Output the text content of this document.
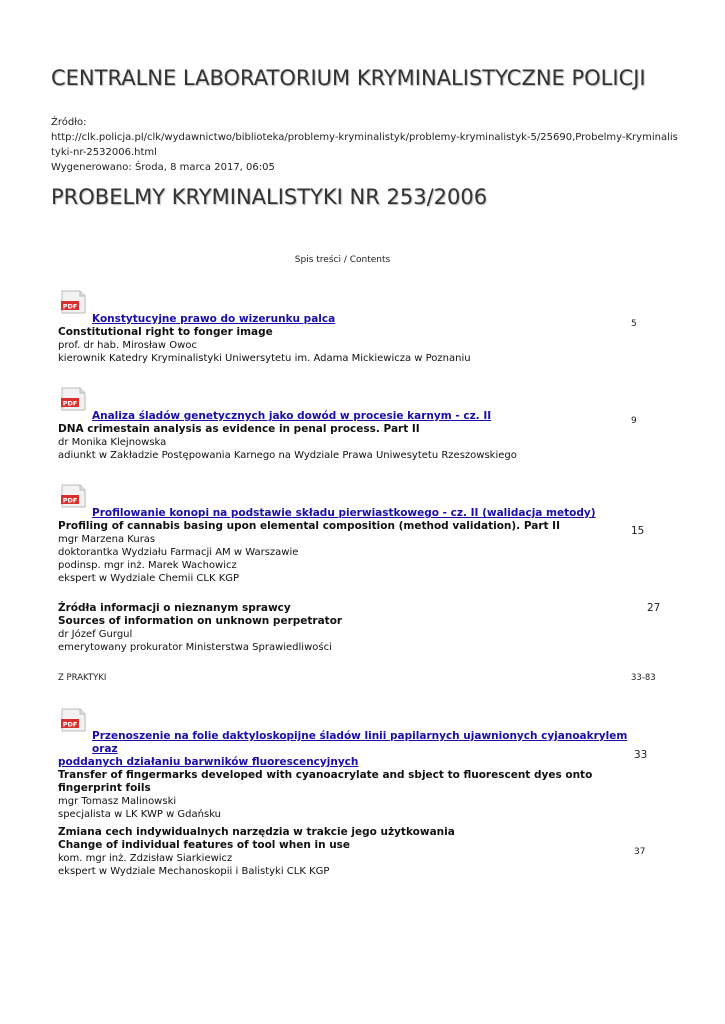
CENTRALNE LABORATORIUM KRYMINALISTYCZNE POLICJI
Źródło:
http://clk.policja.pl/clk/wydawnictwo/biblioteka/problemy-kryminalistyk/problemy-kryminalistyk-5/25690,Probelmy-Kryminalis
tyki-nr-2532006.html
Wygenerowano: Środa, 8 marca 2017, 06:05
PROBELMY KRYMINALISTYKI NR 253/2006
Spis treści / Contents
PDF
Konstytucyjne prawo do wizerunku palca
Constitutional right to fonger image
prof. dr hab. Mirosław Owoc
kierownik Katedry Kryminalistyki Uniwersytetu im. Adama Mickiewicza w Poznaniu
5
PDF
Analiza śladów genetycznych jako dowód w procesie karnym - cz. II
DNA crimestain analysis as evidence in penal process. Part II
dr Monika Klejnowska
adiunkt w Zakładzie Postępowania Karnego na Wydziale Prawa Uniwesytetu Rzeszowskiego
9
PDF
Profilowanie konopi na podstawie składu pierwiastkowego - cz. II (walidacja metody)
Profiling of cannabis basing upon elemental composition (method validation). Part II
mgr Marzena Kuras
doktorantka Wydziału Farmacji AM w Warszawie
podinsp. mgr inż. Marek Wachowicz
ekspert w Wydziale Chemii CLK KGP
15
Źródła informacji o nieznanym sprawcy
Sources of information on unknown perpetrator
dr Józef Gurgul
emerytowany prokurator Ministerstwa Sprawiedliwości
27
Z PRAKTYKI	33-83
PDF
Przenoszenie na folie daktyloskopijne śladów linii papilarnych ujawnionych cyjanoakrylem oraz
poddanych działaniu barwników fluorescencyjnych
Transfer of fingermarks developed with cyanoacrylate and sbject to fluorescent dyes onto
fingerprint foils
mgr Tomasz Malinowski
specjalista w LK KWP w Gdańsku
33
Zmiana cech indywidualnych narzędzia w trakcie jego użytkowania
Change of individual features of tool when in use
kom. mgr inż. Zdzisław Siarkiewicz
ekspert w Wydziale Mechanoskopii i Balistyki CLK KGP
37
